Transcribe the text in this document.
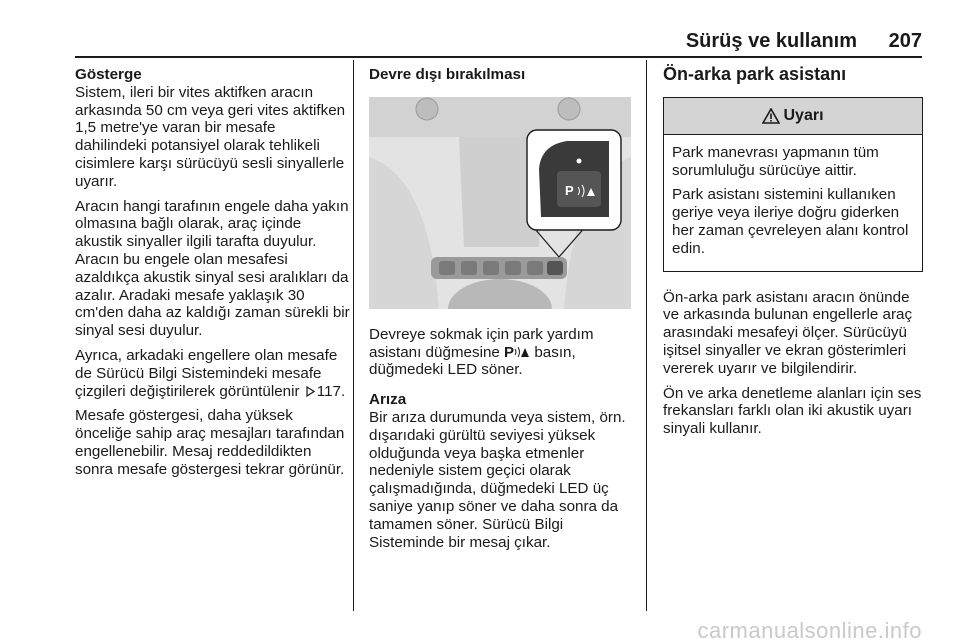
Sürüş ve kullanım 207
Gösterge

Sistem, ileri bir vites aktifken aracın arkasında 50 cm veya geri vites aktifken 1,5 metre'ye varan bir mesafe dahilindeki potansiyel olarak tehlikeli cisimlere karşı sürücüyü sesli sinyallerle uyarır.

Aracın hangi tarafının engele daha yakın olmasına bağlı olarak, araç içinde akustik sinyaller ilgili tarafta duyulur. Aracın bu engele olan mesafesi azaldıkça akustik sinyal sesi aralıkları da azalır. Aradaki mesafe yaklaşık 30 cm'den daha az kaldığı zaman sürekli bir sinyal sesi duyulur.

Ayrıca, arkadaki engellere olan mesafe de Sürücü Bilgi Sistemindeki mesafe çizgileri değiştirilerek görüntülenir 117.

Mesafe göstergesi, daha yüksek önceliğe sahip araç mesajları tarafından engellenebilir. Mesaj reddedildikten sonra mesafe göstergesi tekrar görünür.

Devre dışı bırakılması
P

Devreye sokmak için park yardım asistanı düğmesine P basın, düğmedeki LED söner.

Arıza

Bir arıza durumunda veya sistem, örn. dışarıdaki gürültü seviyesi yüksek olduğunda veya başka etmenler nedeniyle sistem geçici olarak çalışmadığında, düğmedeki LED üç saniye yanıp söner ve daha sonra da tamamen söner. Sürücü Bilgi Sisteminde bir mesaj çıkar.

Ön-arka park asistanı
Uyarı

Park manevrası yapmanın tüm sorumluluğu sürücüye aittir.

Park asistanı sistemini kullanıken geriye veya ileriye doğru giderken her zaman çevreleyen alanı kontrol edin.

Ön-arka park asistanı aracın önünde ve arkasında bulunan engellerle araç arasındaki mesafeyi ölçer. Sürücüyü işitsel sinyaller ve ekran gösterimleri vererek uyarır ve bilgilendirir.

Ön ve arka denetleme alanları için ses frekansları farklı olan iki akustik uyarı sinyali kullanır.

carmanualsonline.info
